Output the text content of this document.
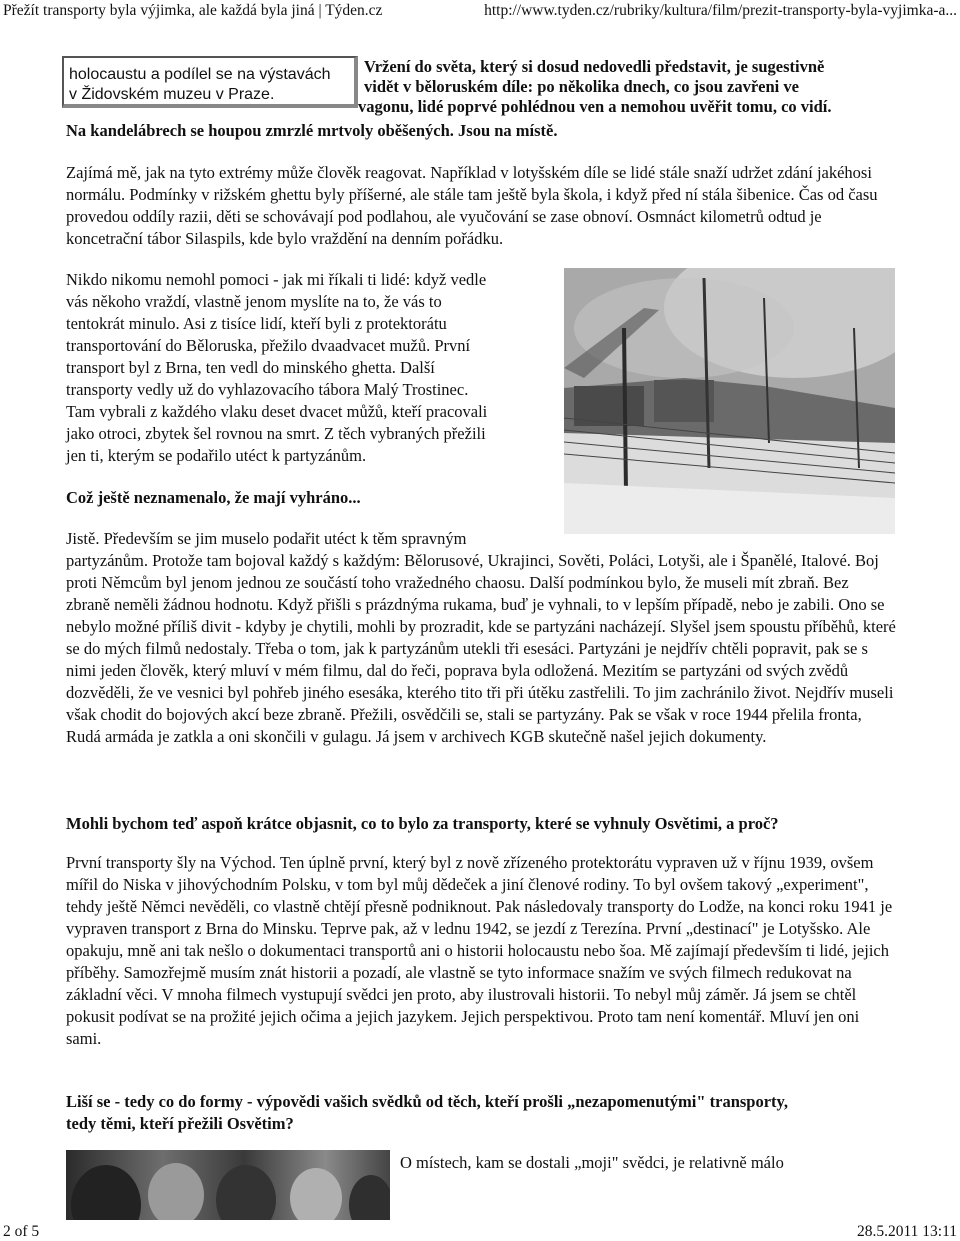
Přežít transporty byla výjimka, ale každá byla jiná | Týden.cz	http://www.tyden.cz/rubriky/kultura/film/prezit-transporty-byla-vyjimka-a...
holocaustu a podílel se na výstavách
v Židovském muzeu v Praze.
Vržení do světa, který si dosud nedovedli představit, je sugestivně
vidět v běloruském díle: po několika dnech, co jsou zavřeni ve
vagonu, lidé poprvé pohlédnou ven a nemohou uvěřit tomu, co vidí.
Na kandelábrech se houpou zmrzlé mrtvoly oběšených. Jsou na místě.
Zajímá mě, jak na tyto extrémy může člověk reagovat. Například v lotyšském díle se lidé stále snaží udržet zdání jakéhosi normálu. Podmínky v rižském ghettu byly příšerné, ale stále tam ještě byla škola, i když před ní stála šibenice. Čas od času provedou oddíly razii, děti se schovávají pod podlahou, ale vyučování se zase obnoví. Osmnáct kilometrů odtud je koncetrační tábor Silaspils, kde bylo vraždění na denním pořádku.
Nikdo nikomu nemohl pomoci - jak mi říkali ti lidé: když vedle
vás někoho vraždí, vlastně jenom myslíte na to, že vás to
tentokrát minulo. Asi z tisíce lidí, kteří byli z protektorátu
transportování do Běloruska, přežilo dvaadvacet mužů. První
transport byl z Brna, ten vedl do minského ghetta. Další
transporty vedly už do vyhlazovacího tábora Malý Trostinec.
Tam vybrali z každého vlaku deset dvacet můžů, kteří pracovali
jako otroci, zbytek šel rovnou na smrt. Z těch vybraných přežili
jen ti, kterým se podařilo utéct k partyzánům.
Což ještě neznamenalo, že mají vyhráno...
Jistě. Především se jim muselo podařit utéct k těm spravným
partyzánům. Protože tam bojoval každý s každým: Bělorusové, Ukrajinci, Sověti, Poláci, Lotyši, ale i Španělé, Italové. Boj proti Němcům byl jenom jednou ze součástí toho vražedného chaosu. Další podmínkou bylo, že museli mít zbraň. Bez zbraně neměli žádnou hodnotu. Když přišli s prázdnýma rukama, buď je vyhnali, to v lepším případě, nebo je zabili. Ono se nebylo možné příliš divit - kdyby je chytili, mohli by prozradit, kde se partyzáni nacházejí. Slyšel jsem spoustu příběhů, které se do mých filmů nedostaly. Třeba o tom, jak k partyzánům utekli tři esesáci. Partyzáni je nejdřív chtěli popravit, pak se s nimi jeden člověk, který mluví v mém filmu, dal do řeči, poprava byla odložená. Mezitím se partyzáni od svých zvědů dozvěděli, že ve vesnici byl pohřeb jiného esesáka, kterého tito tři při útěku zastřelili. To jim zachránilo život. Nejdřív museli však chodit do bojových akcí beze zbraně. Přežili, osvědčili se, stali se partyzány. Pak se však v roce 1944 přelila fronta, Rudá armáda je zatkla a oni skončili v gulagu. Já jsem v archivech KGB skutečně našel jejich dokumenty.
Mohli bychom teď aspoň krátce objasnit, co to bylo za transporty, které se vyhnuly Osvětimi, a proč?
První transporty šly na Východ. Ten úplně první, který byl z nově zřízeného protektorátu vypraven už v říjnu 1939, ovšem mířil do Niska v jihovýchodním Polsku, v tom byl můj dědeček a jiní členové rodiny. To byl ovšem takový „experiment", tehdy ještě Němci nevěděli, co vlastně chtějí přesně podniknout. Pak následovaly transporty do Lodže, na konci roku 1941 je vypraven transport z Brna do Minsku. Teprve pak, až v lednu 1942, se jezdí z Terezína. První „destinací" je Lotyšsko. Ale opakuju, mně ani tak nešlo o dokumentaci transportů ani o historii holocaustu nebo šoa. Mě zajímají především ti lidé, jejich příběhy. Samozřejmě musím znát historii a pozadí, ale vlastně se tyto informace snažím ve svých filmech redukovat na základní věci. V mnoha filmech vystupují svědci jen proto, aby ilustrovali historii. To nebyl můj záměr. Já jsem se chtěl pokusit podívat se na prožité jejich očima a jejich jazykem. Jejich perspektivou. Proto tam není komentář. Mluví jen oni sami.
Liší se - tedy co do formy - výpovědi vašich svědků od těch, kteří prošli „nezapomenutými" transporty,
tedy těmi, kteří přežili Osvětim?
O místech, kam se dostali „moji" svědci, je relativně málo
2 of 5	28.5.2011 13:11
